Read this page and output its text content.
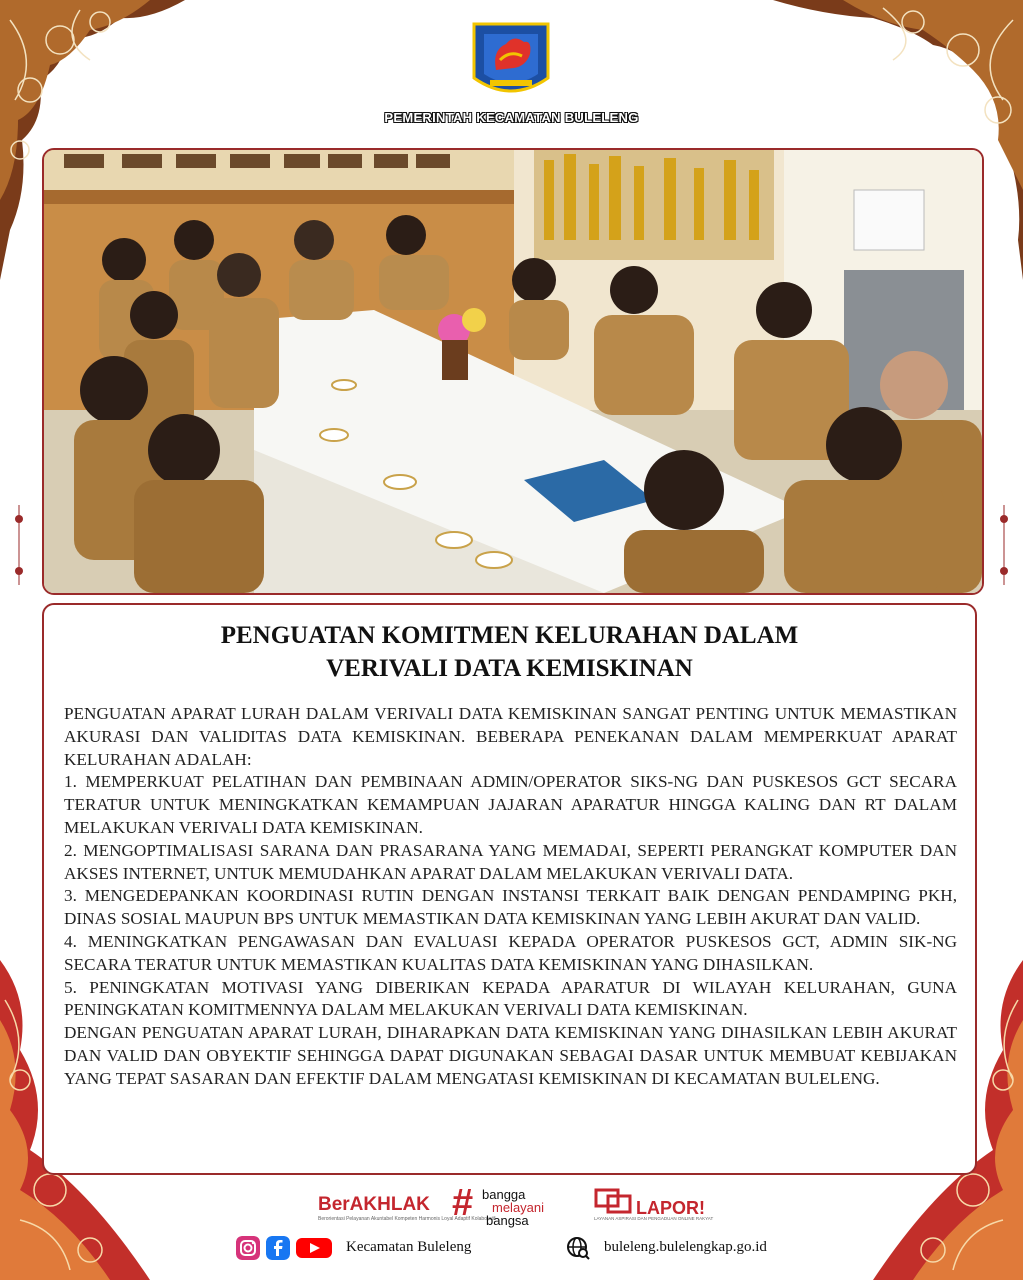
PEMERINTAH KECAMATAN BULELENG
PENGUATAN KOMITMEN KELURAHAN DALAM
VERIVALI DATA KEMISKINAN

PENGUATAN APARAT LURAH DALAM VERIVALI DATA KEMISKINAN SANGAT PENTING UNTUK MEMASTIKAN AKURASI DAN VALIDITAS DATA KEMISKINAN. BEBERAPA PENEKANAN DALAM MEMPERKUAT APARAT KELURAHAN ADALAH:

1. MEMPERKUAT PELATIHAN DAN PEMBINAAN ADMIN/OPERATOR SIKS-NG DAN PUSKESOS GCT SECARA TERATUR UNTUK MENINGKATKAN KEMAMPUAN JAJARAN APARATUR HINGGA KALING DAN RT DALAM MELAKUKAN VERIVALI DATA KEMISKINAN.

2. MENGOPTIMALISASI SARANA DAN PRASARANA YANG MEMADAI, SEPERTI PERANGKAT KOMPUTER DAN AKSES INTERNET, UNTUK MEMUDAHKAN APARAT DALAM MELAKUKAN VERIVALI DATA.

3. MENGEDEPANKAN KOORDINASI RUTIN DENGAN INSTANSI TERKAIT BAIK DENGAN PENDAMPING PKH, DINAS SOSIAL MAUPUN BPS UNTUK MEMASTIKAN DATA KEMISKINAN YANG LEBIH AKURAT DAN VALID.

4. MENINGKATKAN PENGAWASAN DAN EVALUASI KEPADA OPERATOR PUSKESOS GCT, ADMIN SIK-NG SECARA TERATUR UNTUK MEMASTIKAN KUALITAS DATA KEMISKINAN YANG DIHASILKAN.

5. PENINGKATAN MOTIVASI YANG DIBERIKAN KEPADA APARATUR DI WILAYAH KELURAHAN, GUNA PENINGKATAN KOMITMENNYA DALAM MELAKUKAN VERIVALI DATA KEMISKINAN.

DENGAN PENGUATAN APARAT LURAH, DIHARAPKAN DATA KEMISKINAN YANG DIHASILKAN LEBIH AKURAT DAN VALID DAN OBYEKTIF SEHINGGA DAPAT DIGUNAKAN SEBAGAI DASAR UNTUK MEMBUAT KEBIJAKAN YANG TEPAT SASARAN DAN EFEKTIF DALAM MENGATASI KEMISKINAN DI KECAMATAN BULELENG.

BerAKHLAK
Berorientasi Pelayanan Akuntabel Kompeten Harmonis Loyal Adaptif Kolaboratif
# bangga
melayani
bangsa
LAPOR!
LAYANAN ASPIRASI DAN PENGADUAN ONLINE RAKYAT
Kecamatan Buleleng	buleleng.bulelengkap.go.id
